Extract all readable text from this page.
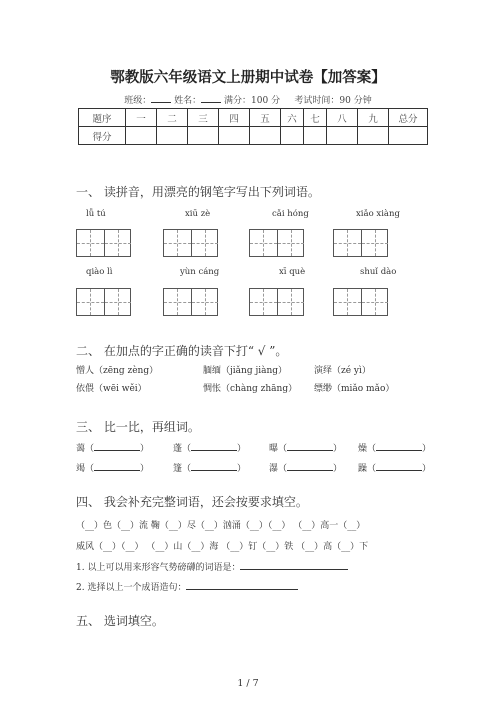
鄂教版六年级语文上册期中试卷【加答案】
班级：	姓名：	满分：100 分 考试时间：90 分钟
题序	一	二	三	四	五	六	七	八	九	总分
得分										
一、 读拼音，用漂亮的钢笔字写出下列词语。
lǚ tú	xiū zè	cǎi hóng	xiǎo xiàng
qiào lì	yùn cáng	xī què	shuǐ dào
二、 在加点的字正确的读音下打“ √ ”。
憎人（zēng zèng）	腼缅（jiǎng jiàng）	演绎（zé yì）
依偎（wēi wěi）	惆怅（chàng zhāng） 缥缈（miǎo mǎo）
三、 比一比，再组词。
蔼（	）	蓬（	）	曝（	） 燥（	）
竭（	）	篷（	）	瀑（	） 躁（	）
四、 我会补充完整词语，还会按要求填空。
（__）色（__）流 鞠（__）尽（__）汹涌（__）（__） （__）高一（__）
威风（__）（__） （__）山（__）海 （__）钉（__）铁 （__）高（__）下
1. 以上可以用来形容气势磅礴的词语是：
2. 选择以上一个成语造句：
五、 选词填空。
1 / 7
